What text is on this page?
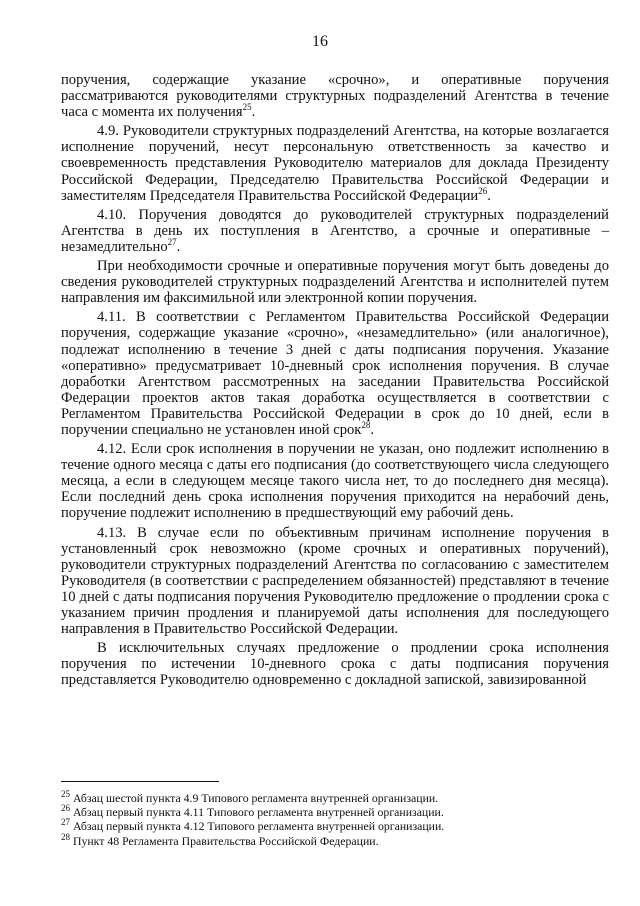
16

поручения, содержащие указание «срочно», и оперативные поручения рассматриваются руководителями структурных подразделений Агентства в течение часа с момента их получения$^{25}$.

4.9. Руководители структурных подразделений Агентства, на которые возлагается исполнение поручений, несут персональную ответственность за качество и своевременность представления Руководителю материалов для доклада Президенту Российской Федерации, Председателю Правительства Российской Федерации и заместителям Председателя Правительства Российской Федерации$^{26}$.

4.10. Поручения доводятся до руководителей структурных подразделений Агентства в день их поступления в Агентство, а срочные и оперативные – незамедлительно$^{27}$.

При необходимости срочные и оперативные поручения могут быть доведены до сведения руководителей структурных подразделений Агентства и исполнителей путем направления им факсимильной или электронной копии поручения.

4.11. В соответствии с Регламентом Правительства Российской Федерации поручения, содержащие указание «срочно», «незамедлительно» (или аналогичное), подлежат исполнению в течение 3 дней с даты подписания поручения. Указание «оперативно» предусматривает 10-дневный срок исполнения поручения. В случае доработки Агентством рассмотренных на заседании Правительства Российской Федерации проектов актов такая доработка осуществляется в соответствии с Регламентом Правительства Российской Федерации в срок до 10 дней, если в поручении специально не установлен иной срок$^{28}$.

4.12. Если срок исполнения в поручении не указан, оно подлежит исполнению в течение одного месяца с даты его подписания (до соответствующего числа следующего месяца, а если в следующем месяце такого числа нет, то до последнего дня месяца). Если последний день срока исполнения поручения приходится на нерабочий день, поручение подлежит исполнению в предшествующий ему рабочий день.

4.13. В случае если по объективным причинам исполнение поручения в установленный срок невозможно (кроме срочных и оперативных поручений), руководители структурных подразделений Агентства по согласованию с заместителем Руководителя (в соответствии с распределением обязанностей) представляют в течение 10 дней с даты подписания поручения Руководителю предложение о продлении срока с указанием причин продления и планируемой даты исполнения для последующего направления в Правительство Российской Федерации.

В исключительных случаях предложение о продлении срока исполнения поручения по истечении 10-дневного срока с даты подписания поручения представляется Руководителю одновременно с докладной запиской, завизированной

$^{25}$ Абзац шестой пункта 4.9 Типового регламента внутренней организации.
$^{26}$ Абзац первый пункта 4.11 Типового регламента внутренней организации.
$^{27}$ Абзац первый пункта 4.12 Типового регламента внутренней организации.
$^{28}$ Пункт 48 Регламента Правительства Российской Федерации.
